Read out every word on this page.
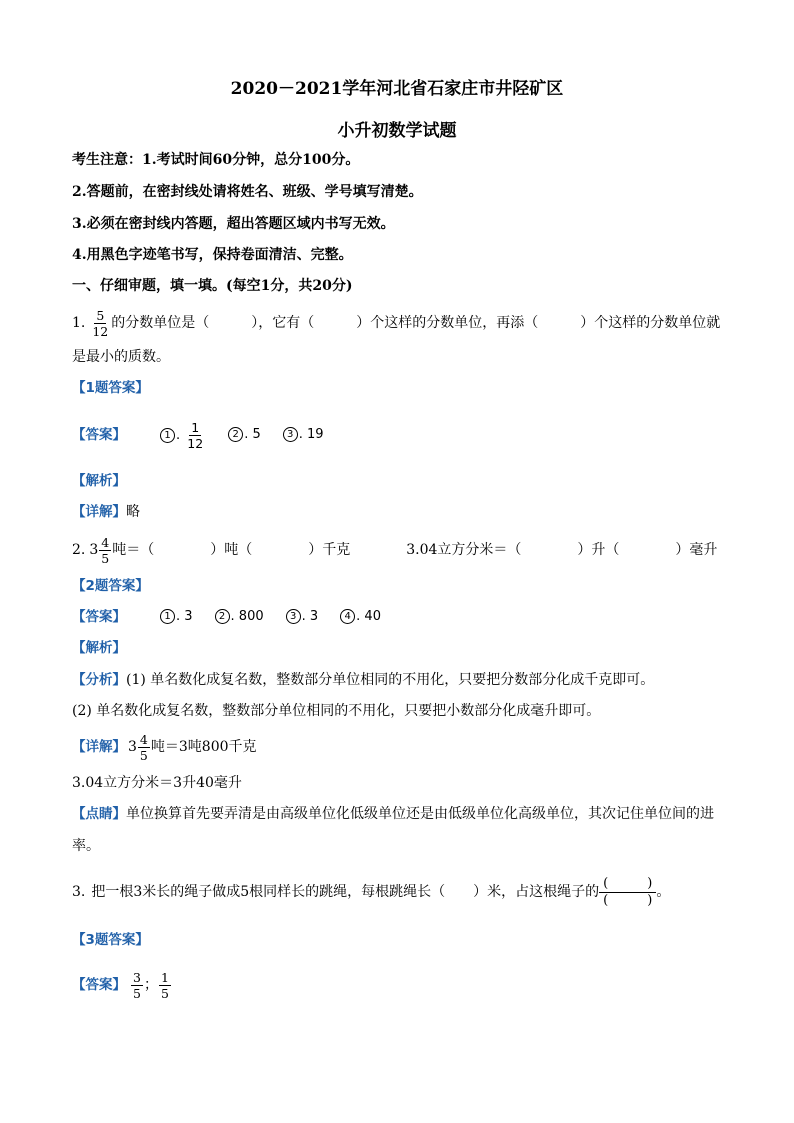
2020－2021学年河北省石家庄市井陉矿区
小升初数学试题
考生注意：1.考试时间60分钟，总分100分。
2.答题前，在密封线处请将姓名、班级、学号填写清楚。
3.必须在密封线内答题，超出答题区域内书写无效。
4.用黑色字迹笔书写，保持卷面清洁、完整。
一、仔细审题，填一填。(每空1分，共20分)
1. $\frac{5}{12}$ 的分数单位是（　　　），它有（　　　）个这样的分数单位，再添（　　　）个这样的分数单位就
是最小的质数。
【1题答案】
【答案】	1 . $\frac{1}{12}$	2 . 5	3 . 19
【解析】
【详解】略
2. $3 \frac{4}{5}$ 吨＝（　　　　）吨（　　　　）千克	3.04立方分米＝（　　　　）升（　　　　）毫升
【2题答案】
【答案】	1 . 3	2 . 800	3 . 3	4 . 40
【解析】
【分析】(1) 单名数化成复名数，整数部分单位相同的不用化，只要把分数部分化成千克即可。
(2) 单名数化成复名数，整数部分单位相同的不用化，只要把小数部分化成毫升即可。
【详解】 $3 \frac{4}{5}$ 吨＝3吨800千克
3.04立方分米＝3升40毫升
【点睛】单位换算首先要弄清是由高级单位化低级单位还是由低级单位化高级单位，其次记住单位间的进
率。
3. 把一根3米长的绳子做成5根同样长的跳绳，每根跳绳长（　　）米，占这根绳子的 $\frac{( )}{( )}$ 。
【3题答案】
【答案】 $\frac{3}{5}$ ； $\frac{1}{5}$
